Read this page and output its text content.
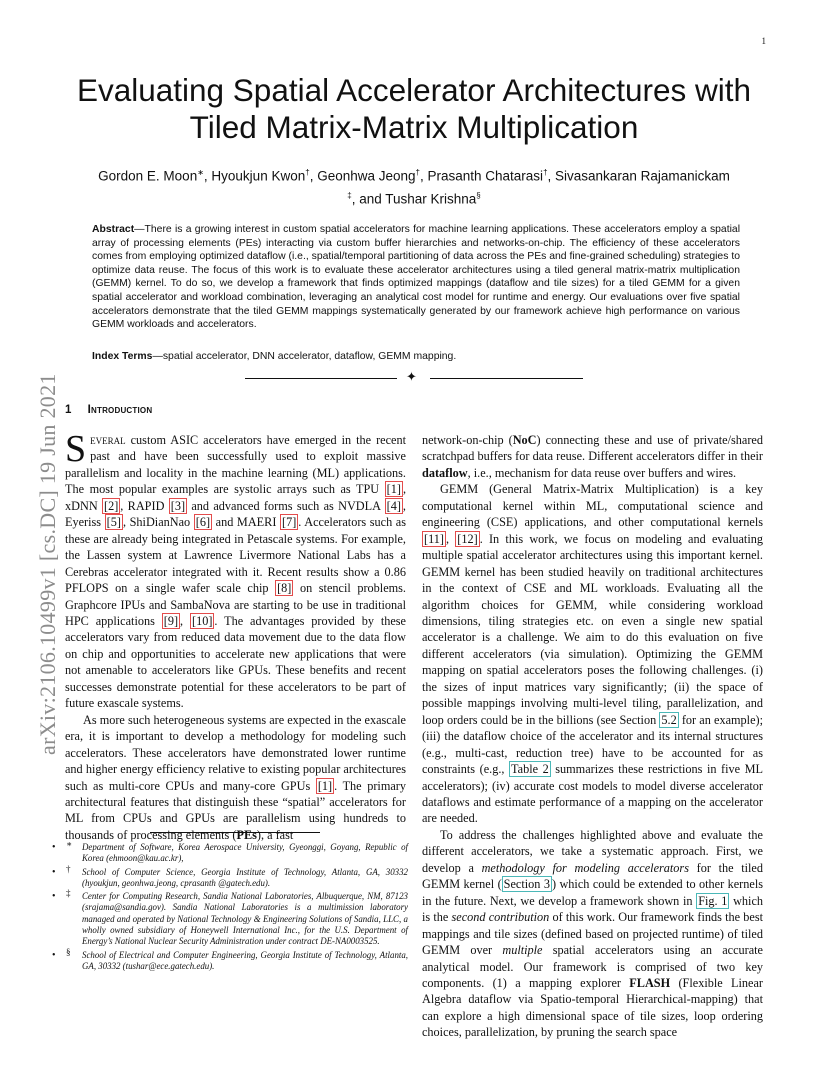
1
arXiv:2106.10499v1 [cs.DC] 19 Jun 2021
Evaluating Spatial Accelerator Architectures with
Tiled Matrix-Matrix Multiplication
Gordon E. Moon∗, Hyoukjun Kwon†, Geonhwa Jeong†, Prasanth Chatarasi†, Sivasankaran Rajamanickam
‡, and Tushar Krishna§

Abstract—There is a growing interest in custom spatial accelerators for machine learning applications. These accelerators employ a spatial array of processing elements (PEs) interacting via custom buffer hierarchies and networks-on-chip. The efficiency of these accelerators comes from employing optimized dataflow (i.e., spatial/temporal partitioning of data across the PEs and fine-grained scheduling) strategies to optimize data reuse. The focus of this work is to evaluate these accelerator architectures using a tiled general matrix-matrix multiplication (GEMM) kernel. To do so, we develop a framework that finds optimized mappings (dataflow and tile sizes) for a tiled GEMM for a given spatial accelerator and workload combination, leveraging an analytical cost model for runtime and energy. Our evaluations over five spatial accelerators demonstrate that the tiled GEMM mappings systematically generated by our framework achieve high performance on various GEMM workloads and accelerators.

Index Terms—spatial accelerator, DNN accelerator, dataflow, GEMM mapping.

✦
1 Introduction

Several custom ASIC accelerators have emerged in the recent past and have been successfully used to exploit massive parallelism and locality in the machine learning (ML) applications. The most popular examples are systolic arrays such as TPU [1] , xDNN [2] , RAPID [3] and advanced forms such as NVDLA [4] , Eyeriss [5] , ShiDianNao [6] and MAERI [7] . Accelerators such as these are already being integrated in Petascale systems. For example, the Lassen system at Lawrence Livermore National Labs has a Cerebras accelerator integrated with it. Recent results show a 0.86 PFLOPS on a single wafer scale chip [8] on stencil problems. Graphcore IPUs and SambaNova are starting to be use in traditional HPC applications [9] , [10] . The advantages provided by these accelerators vary from reduced data movement due to the data flow on chip and opportunities to accelerate new applications that were not amenable to accelerators like GPUs. These benefits and recent successes demonstrate potential for these accelerators to be part of future exascale systems.

As more such heterogeneous systems are expected in the exascale era, it is important to develop a methodology for modeling such accelerators. These accelerators have demonstrated lower runtime and higher energy efficiency relative to existing popular architectures such as multi-core CPUs and many-core GPUs [1] . The primary architectural features that distinguish these “spatial” accelerators for ML from CPUs and GPUs are parallelism using hundreds to thousands of processing elements (PEs), a fast

• ∗ Department of Software, Korea Aerospace University, Gyeonggi, Goyang, Republic of Korea (ehmoon@kau.ac.kr),
• † School of Computer Science, Georgia Institute of Technology, Atlanta, GA, 30332 (hyoukjun, geonhwa.jeong, cprasanth @gatech.edu).
• ‡ Center for Computing Research, Sandia National Laboratories, Albuquerque, NM, 87123 (srajama@sandia.gov). Sandia National Laboratories is a multimission laboratory managed and operated by National Technology & Engineering Solutions of Sandia, LLC, a wholly owned subsidiary of Honeywell International Inc., for the U.S. Department of Energy’s National Nuclear Security Administration under contract DE-NA0003525.
• § School of Electrical and Computer Engineering, Georgia Institute of Technology, Atlanta, GA, 30332 (tushar@ece.gatech.edu).

network-on-chip (NoC) connecting these and use of private/shared scratchpad buffers for data reuse. Different accelerators differ in their dataflow, i.e., mechanism for data reuse over buffers and wires.

GEMM (General Matrix-Matrix Multiplication) is a key computational kernel within ML, computational science and engineering (CSE) applications, and other computational kernels [11] , [12] . In this work, we focus on modeling and evaluating multiple spatial accelerator architectures using this important kernel. GEMM kernel has been studied heavily on traditional architectures in the context of CSE and ML workloads. Evaluating all the algorithm choices for GEMM, while considering workload dimensions, tiling strategies etc. on even a single new spatial accelerator is a challenge. We aim to do this evaluation on five different accelerators (via simulation). Optimizing the GEMM mapping on spatial accelerators poses the following challenges. (i) the sizes of input matrices vary significantly; (ii) the space of possible mappings involving multi-level tiling, parallelization, and loop orders could be in the billions (see Section 5.2 for an example); (iii) the dataflow choice of the accelerator and its internal structures (e.g., multi-cast, reduction tree) have to be accounted for as constraints (e.g., Table 2 summarizes these restrictions in five ML accelerators); (iv) accurate cost models to model diverse accelerator dataflows and estimate performance of a mapping on the accelerator are needed.

To address the challenges highlighted above and evaluate the different accelerators, we take a systematic approach. First, we develop a methodology for modeling accelerators for the tiled GEMM kernel ( Section 3 ) which could be extended to other kernels in the future. Next, we develop a framework shown in Fig. 1 which is the second contribution of this work. Our framework finds the best mappings and tile sizes (defined based on projected runtime) of tiled GEMM over multiple spatial accelerators using an accurate analytical model. Our framework is comprised of two key components. (1) a mapping explorer FLASH (Flexible Linear Algebra dataflow via Spatio-temporal Hierarchical-mapping) that can explore a high dimensional space of tile sizes, loop ordering choices, parallelization, by pruning the search space
